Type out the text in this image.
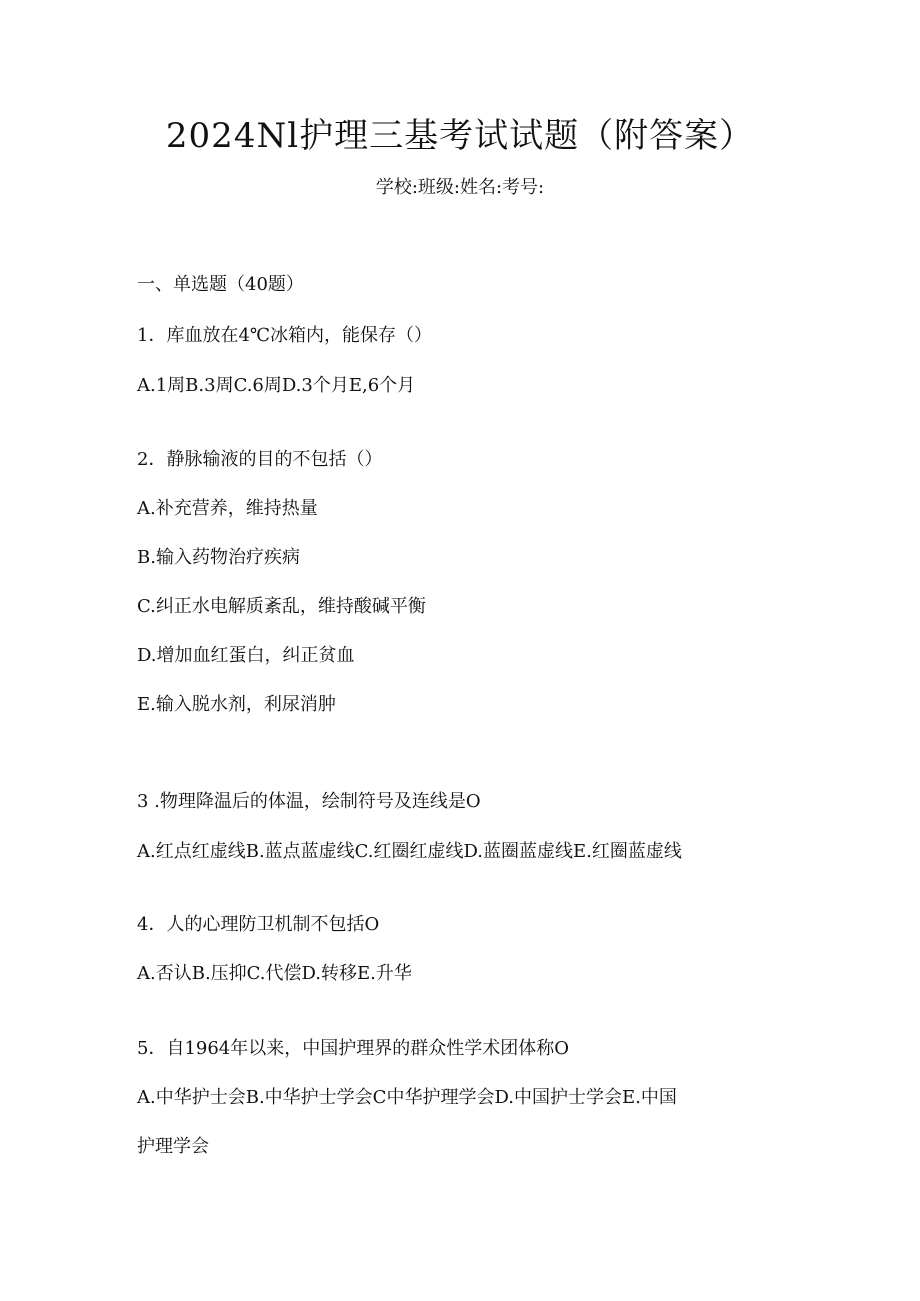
2024Nl护理三基考试试题（附答案）
学校:班级:姓名:考号:
一、单选题（40题）
1．库血放在4℃冰箱内，能保存（）
A.1周B.3周C.6周D.3个月E,6个月
2．静脉输液的目的不包括（）
A.补充营养，维持热量
B.输入药物治疗疾病
C.纠正水电解质紊乱，维持酸碱平衡
D.增加血红蛋白，纠正贫血
E.输入脱水剂，利尿消肿
3 .物理降温后的体温，绘制符号及连线是O
A.红点红虚线B.蓝点蓝虚线C.红圈红虚线D.蓝圈蓝虚线E.红圈蓝虚线
4．人的心理防卫机制不包括O
A.否认B.压抑C.代偿D.转移E.升华
5．自1964年以来，中国护理界的群众性学术团体称O
A.中华护士会B.中华护士学会C中华护理学会D.中国护士学会E.中国
护理学会
